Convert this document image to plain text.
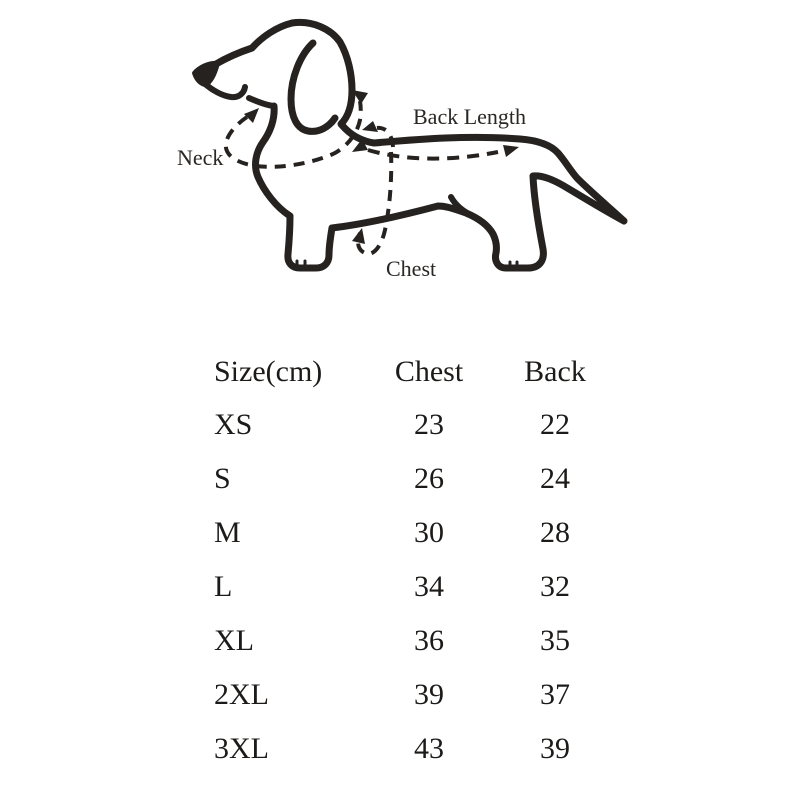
Neck
Back Length
Chest
Size(cm)	Chest	Back
XS	23	22
S	26	24
M	30	28
L	34	32
XL	36	35
2XL	39	37
3XL	43	39
